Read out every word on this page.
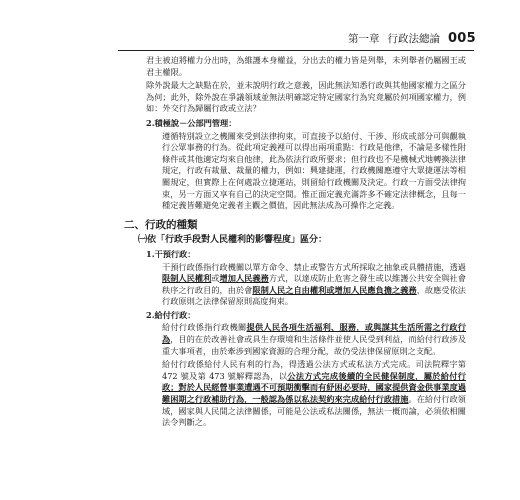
第一章 行政法總論 005

君主被迫將權力分出時，為維護本身權益，分出去的權力皆是列舉，未列舉者仍屬國王或君主權限。

除外說最大之缺點在於，並未說明行政之意義，因此無法知悉行政與其他國家權力之區分為何；此外，除外說在爭議領域並無法明確認定特定國家行為究竟屬於何項國家權力，例如：外交行為歸屬行政或立法？

2.積極說－公部門管理：

遵循特別設立之機關來受到法律拘束，可直接予以給付、干涉、形成或部分可與觀執行公眾事務的行為。從此項定義裡可以得出兩項重點：行政是他律，不論是多樣性附條件或其他適定均來自他律，此為依法行政所要求；但行政也不是機械式地轉換法律規定，行政有裁量、裁量的權力，例如：興建捷運，行政機關應遵守大眾捷運法等相關規定，但實際上在何處設立捷運站，則留給行政機關及決定。行政一方面受法律拘束，另一方面又享有自己的決定空間。惟正面定義充滿許多不確定法律概念，且每一種定義皆難避免定義者主觀之價值，因此無法成為可操作之定義。

二、行政的種類
㈠依「行政手段對人民權利的影響程度」區分：
1.干預行政：

干預行政係指行政機關以單方命令、禁止或警告方式所採取之抽象或具體措施，透過限制人民權利或增加人民義務方式，以達成防止危害之發生或以維護公共安全與社會秩序之行政目的，由於會限制人民之自由權利或增加人民應負擔之義務，故應受依法行政原則之法律保留原則高度拘束。

2.給付行政：

給付行政係指行政機關提供人民各項生活福利、服務，或與謀其生活所需之行政行為，目的在於改善社會或具生存環境和生活條件並使人民受到利益，而給付行政涉及重大事項者，由於牽涉到國家資源的合理分配，故仍受法律保留原則之支配。

給付行政係給付人民有利的行為，得透過公法方式或私法方式完成。司法院釋字第 472 號及第 473 號解釋認為，以公法方式完成後續的全民健保制度，屬於給付行政；對於人民經營事業遭遇不可預期衝擊而有紓困必要時，國家提供資金供事業度過難困期之行政補助行為，一般認為係以私法契約來完成給付行政措施。在給付行政領域，國家與人民間之法律關係，可能是公法或私法關係，無法一概而論，必須依相關法令判斷之。
